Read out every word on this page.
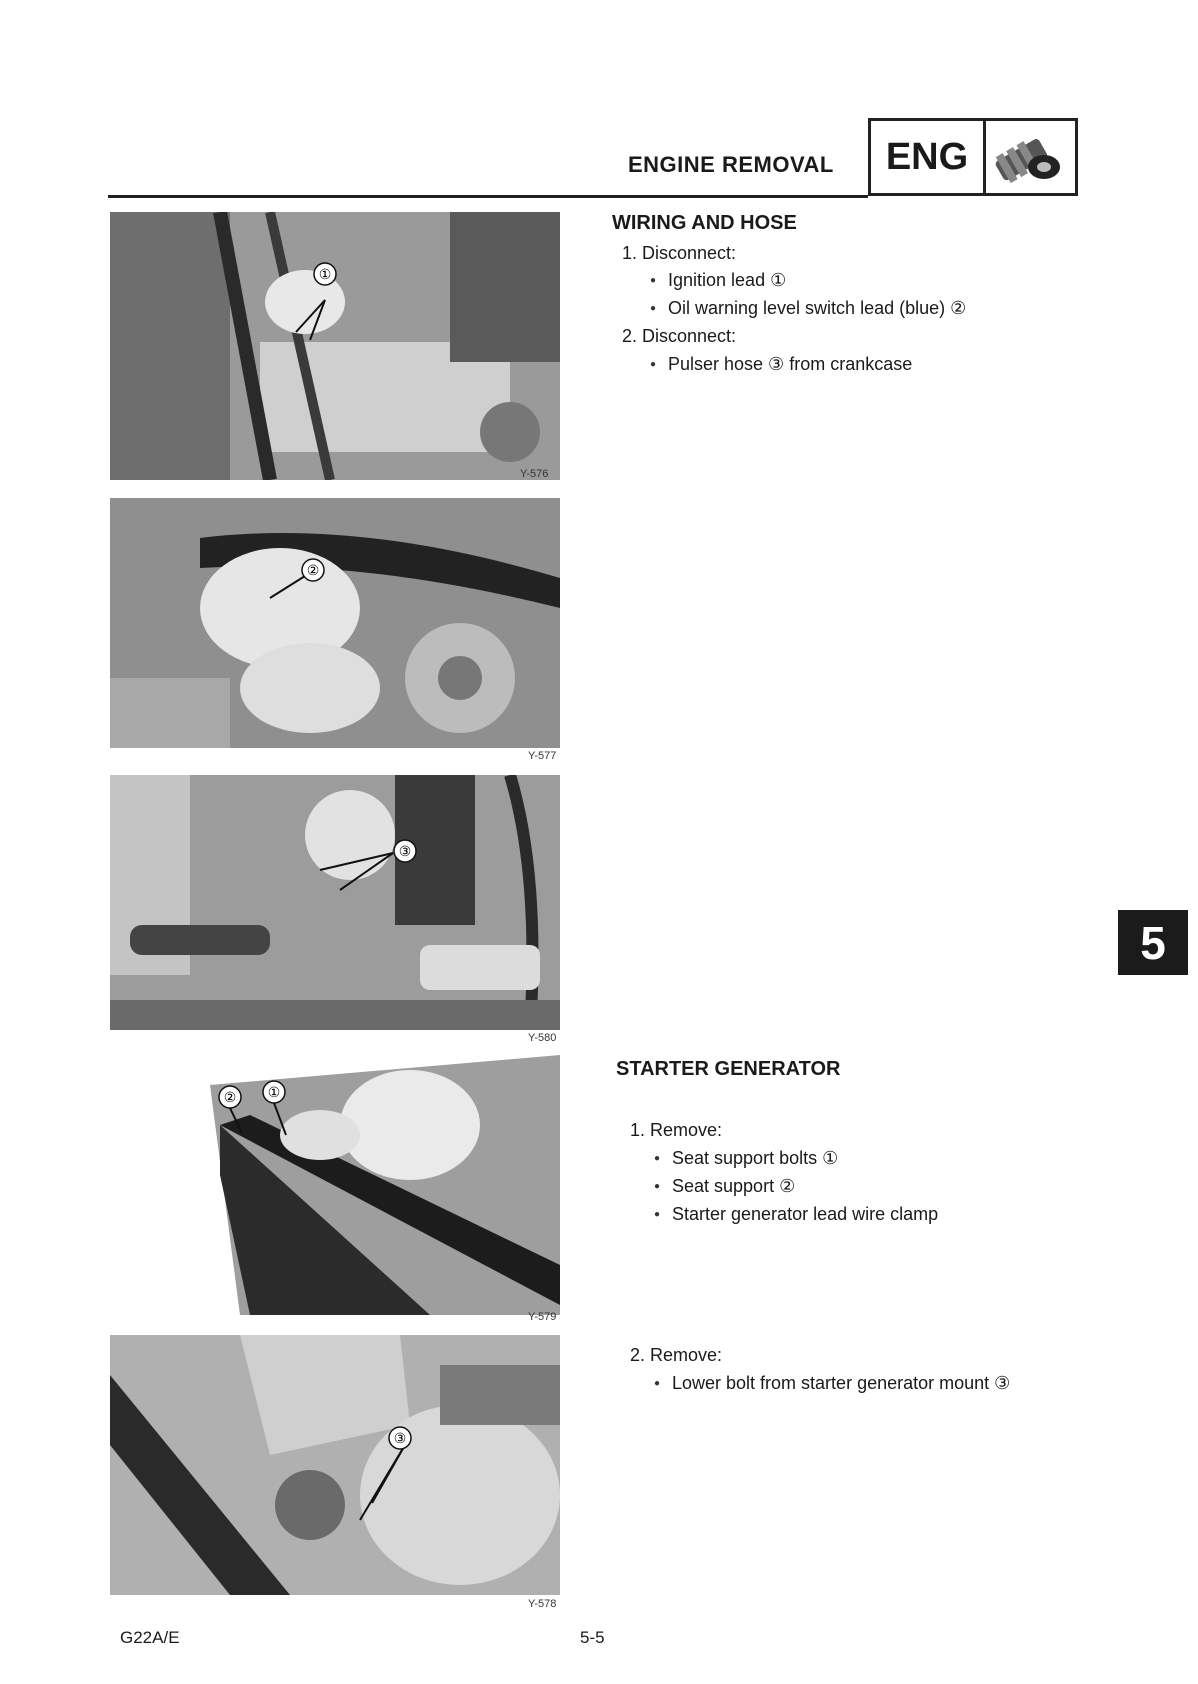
ENGINE REMOVAL	ENG
①
Y-576
②
Y-577
③
Y-580
② ①
Y-579
③
Y-578
WIRING AND HOSE
1. Disconnect:
● Ignition lead ①
● Oil warning level switch lead (blue) ②
2. Disconnect:
● Pulser hose ③ from crankcase
STARTER GENERATOR
1. Remove:
● Seat support bolts ①
● Seat support ②
● Starter generator lead wire clamp
2. Remove:
● Lower bolt from starter generator mount ③
5
G22A/E	5-5
